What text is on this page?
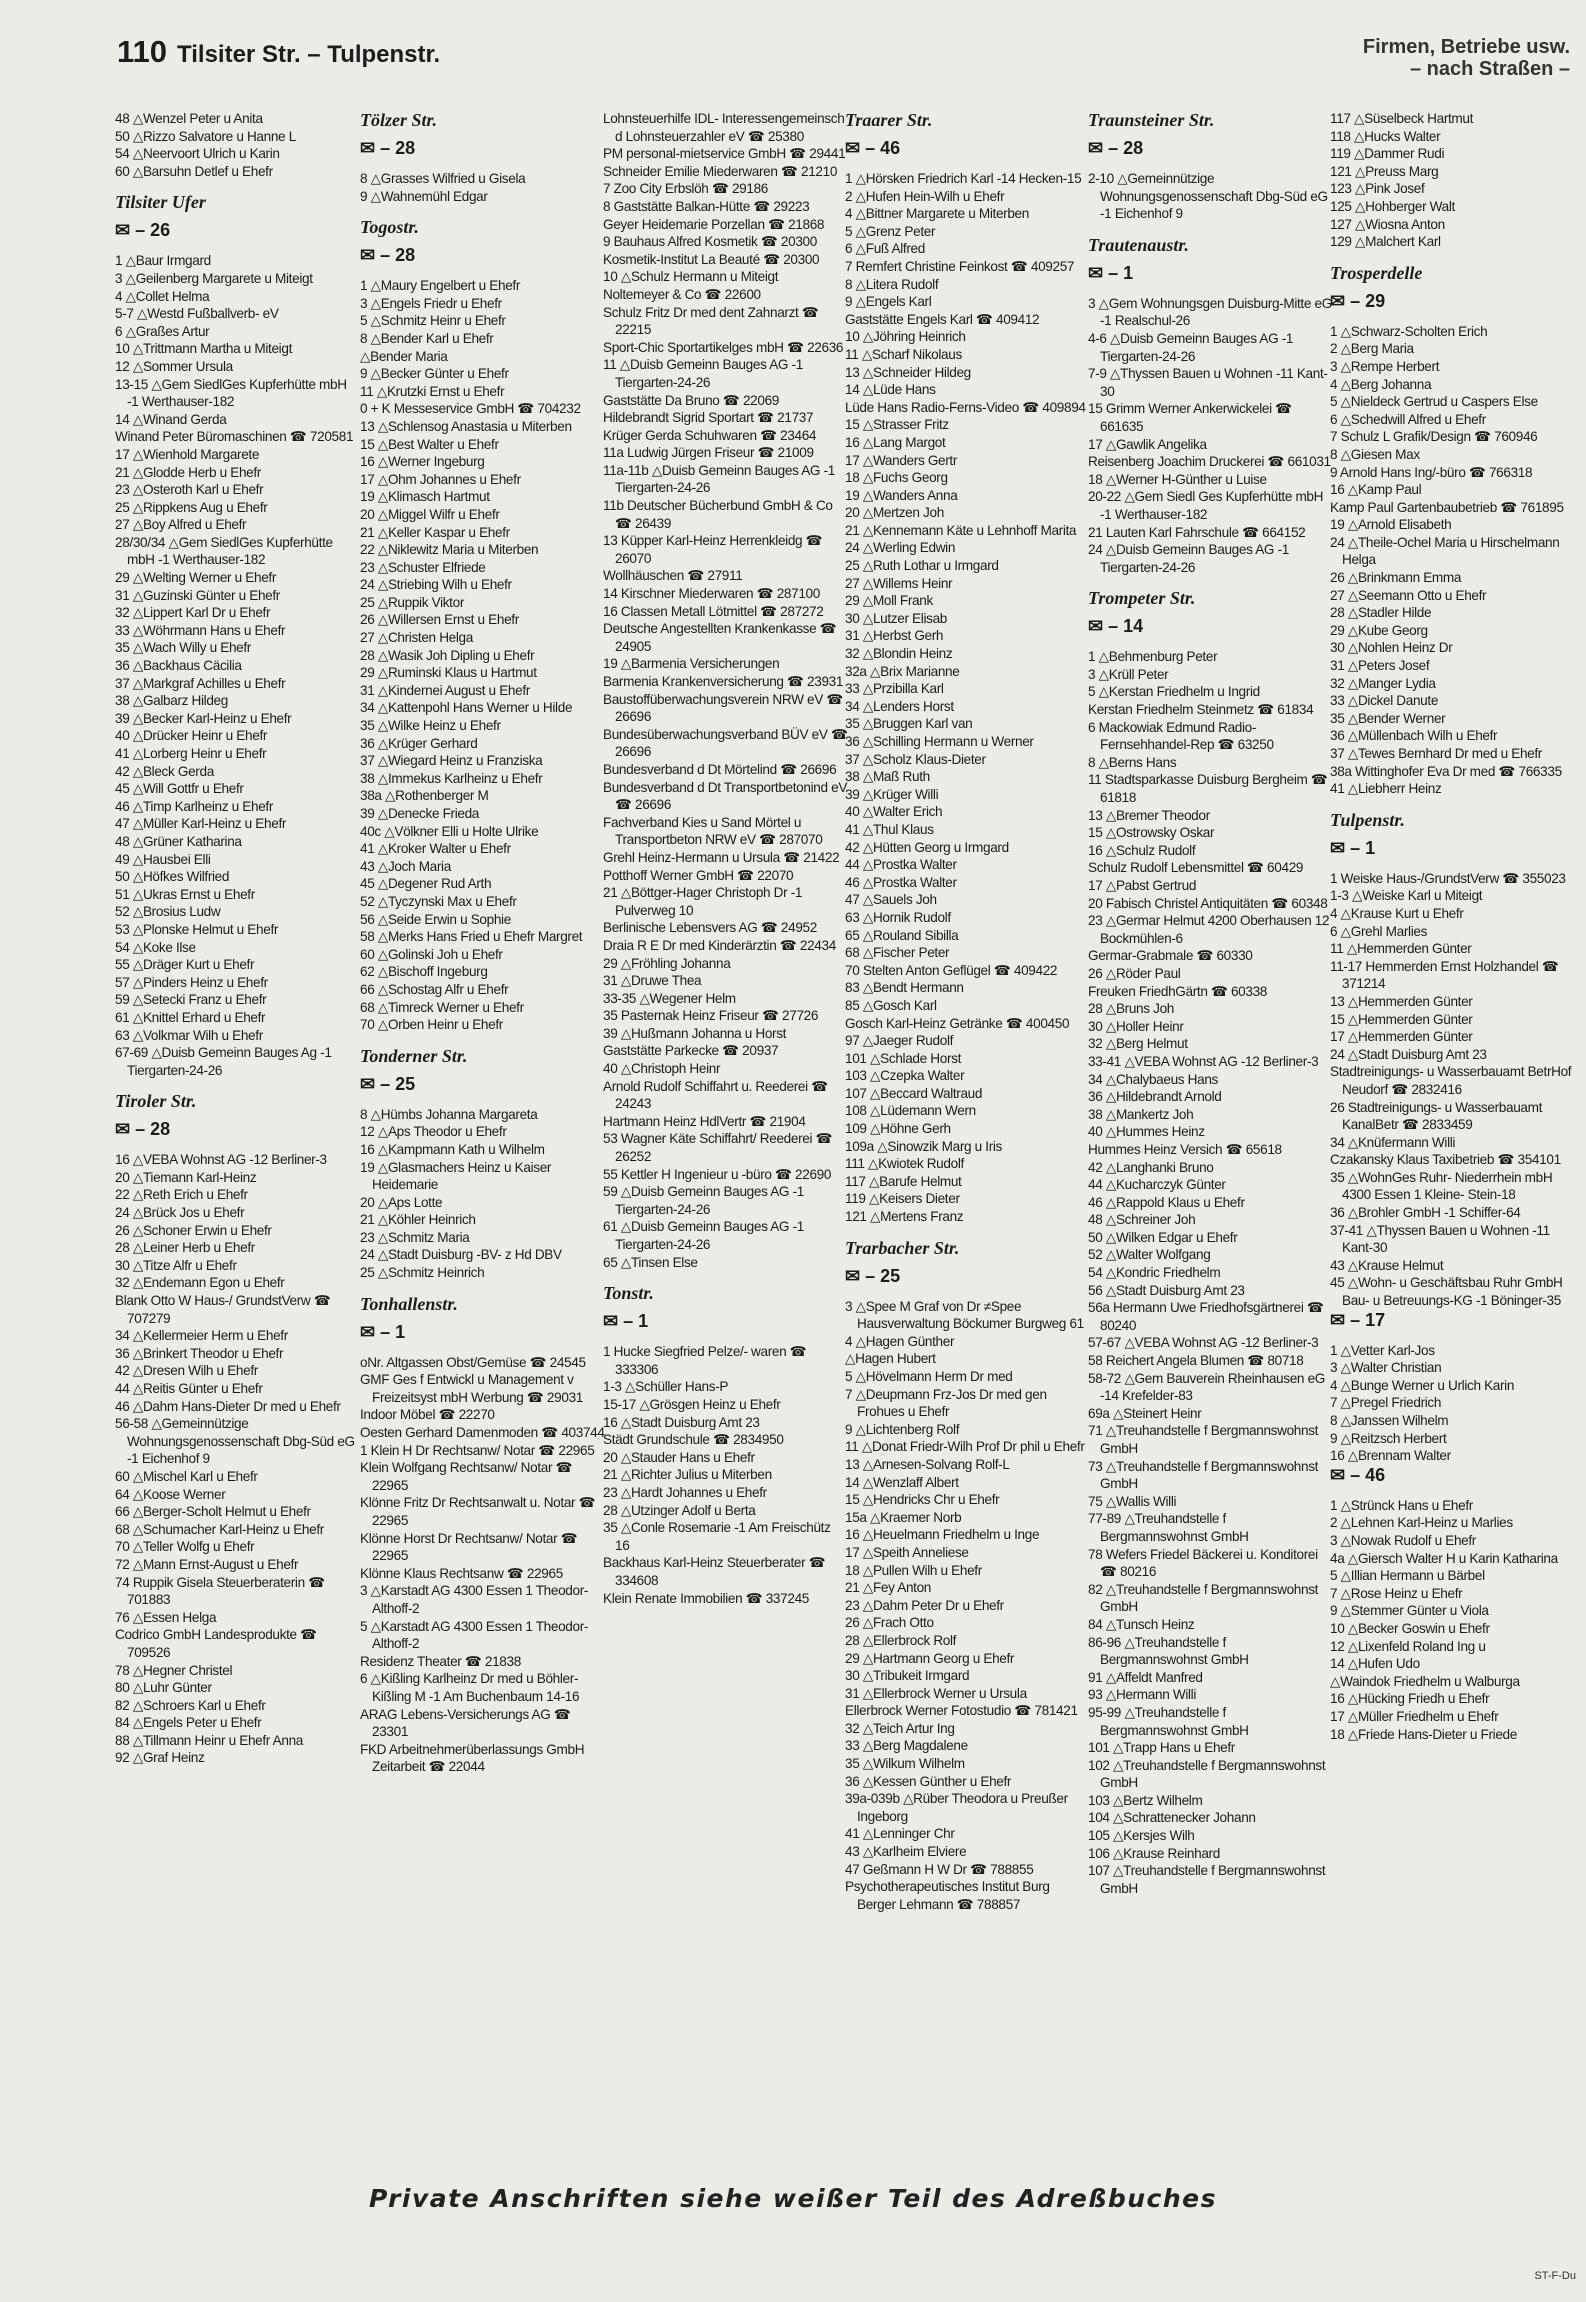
110 Tilsiter Str. – Tulpenstr.	Firmen, Betriebe usw.
– nach Straßen –
48 △Wenzel Peter u Anita
50 △Rizzo Salvatore u Hanne L
54 △Neervoort Ulrich u Karin
60 △Barsuhn Detlef u Ehefr
Tilsiter Ufer
✉ – 26
1 △Baur Irmgard
3 △Geilenberg Margarete u Miteigt
4 △Collet Helma
5-7 △Westd Fußballverb- eV
6 △Graßes Artur
10 △Trittmann Martha u Miteigt
12 △Sommer Ursula
13-15 △Gem SiedlGes Kupferhütte mbH -1 Werthauser-182
14 △Winand Gerda
Winand Peter Büromaschinen ☎ 720581
17 △Wienhold Margarete
21 △Glodde Herb u Ehefr
23 △Osteroth Karl u Ehefr
25 △Rippkens Aug u Ehefr
27 △Boy Alfred u Ehefr
28/30/34 △Gem SiedlGes Kupferhütte mbH -1 Werthauser-182
29 △Welting Werner u Ehefr
31 △Guzinski Günter u Ehefr
32 △Lippert Karl Dr u Ehefr
33 △Wöhrmann Hans u Ehefr
35 △Wach Willy u Ehefr
36 △Backhaus Cäcilia
37 △Markgraf Achilles u Ehefr
38 △Galbarz Hildeg
39 △Becker Karl-Heinz u Ehefr
40 △Drücker Heinr u Ehefr
41 △Lorberg Heinr u Ehefr
42 △Bleck Gerda
45 △Will Gottfr u Ehefr
46 △Timp Karlheinz u Ehefr
47 △Müller Karl-Heinz u Ehefr
48 △Grüner Katharina
49 △Hausbei Elli
50 △Höfkes Wilfried
51 △Ukras Ernst u Ehefr
52 △Brosius Ludw
53 △Plonske Helmut u Ehefr
54 △Koke Ilse
55 △Dräger Kurt u Ehefr
57 △Pinders Heinz u Ehefr
59 △Setecki Franz u Ehefr
61 △Knittel Erhard u Ehefr
63 △Volkmar Wilh u Ehefr
67-69 △Duisb Gemeinn Bauges Ag -1 Tiergarten-24-26
Tiroler Str.
✉ – 28
16 △VEBA Wohnst AG -12 Berliner-3
20 △Tiemann Karl-Heinz
22 △Reth Erich u Ehefr
24 △Brück Jos u Ehefr
26 △Schoner Erwin u Ehefr
28 △Leiner Herb u Ehefr
30 △Titze Alfr u Ehefr
32 △Endemann Egon u Ehefr
Blank Otto W Haus-/ GrundstVerw ☎ 707279
34 △Kellermeier Herm u Ehefr
36 △Brinkert Theodor u Ehefr
42 △Dresen Wilh u Ehefr
44 △Reitis Günter u Ehefr
46 △Dahm Hans-Dieter Dr med u Ehefr
56-58 △Gemeinnützige Wohnungsgenossenschaft Dbg-Süd eG -1 Eichenhof 9
60 △Mischel Karl u Ehefr
64 △Koose Werner
66 △Berger-Scholt Helmut u Ehefr
68 △Schumacher Karl-Heinz u Ehefr
70 △Teller Wolfg u Ehefr
72 △Mann Ernst-August u Ehefr
74 Ruppik Gisela Steuerberaterin ☎ 701883
76 △Essen Helga
Codrico GmbH Landesprodukte ☎ 709526
78 △Hegner Christel
80 △Luhr Günter
82 △Schroers Karl u Ehefr
84 △Engels Peter u Ehefr
88 △Tillmann Heinr u Ehefr Anna
92 △Graf Heinz
Tölzer Str.
✉ – 28
8 △Grasses Wilfried u Gisela
9 △Wahnemühl Edgar
Togostr.
✉ – 28
1 △Maury Engelbert u Ehefr
3 △Engels Friedr u Ehefr
5 △Schmitz Heinr u Ehefr
8 △Bender Karl u Ehefr
△Bender Maria
9 △Becker Günter u Ehefr
11 △Krutzki Ernst u Ehefr
0 + K Messeservice GmbH ☎ 704232
13 △Schlensog Anastasia u Miterben
15 △Best Walter u Ehefr
16 △Werner Ingeburg
17 △Ohm Johannes u Ehefr
19 △Klimasch Hartmut
20 △Miggel Wilfr u Ehefr
21 △Keller Kaspar u Ehefr
22 △Niklewitz Maria u Miterben
23 △Schuster Elfriede
24 △Striebing Wilh u Ehefr
25 △Ruppik Viktor
26 △Willersen Ernst u Ehefr
27 △Christen Helga
28 △Wasik Joh Dipling u Ehefr
29 △Ruminski Klaus u Hartmut
31 △Kindernei August u Ehefr
34 △Kattenpohl Hans Werner u Hilde
35 △Wilke Heinz u Ehefr
36 △Krüger Gerhard
37 △Wiegard Heinz u Franziska
38 △Immekus Karlheinz u Ehefr
38a △Rothenberger M
39 △Denecke Frieda
40c △Völkner Elli u Holte Ulrike
41 △Kroker Walter u Ehefr
43 △Joch Maria
45 △Degener Rud Arth
52 △Tyczynski Max u Ehefr
56 △Seide Erwin u Sophie
58 △Merks Hans Fried u Ehefr Margret
60 △Golinski Joh u Ehefr
62 △Bischoff Ingeburg
66 △Schostag Alfr u Ehefr
68 △Timreck Werner u Ehefr
70 △Orben Heinr u Ehefr
Tonderner Str.
✉ – 25
8 △Hümbs Johanna Margareta
12 △Aps Theodor u Ehefr
16 △Kampmann Kath u Wilhelm
19 △Glasmachers Heinz u Kaiser Heidemarie
20 △Aps Lotte
21 △Köhler Heinrich
23 △Schmitz Maria
24 △Stadt Duisburg -BV- z Hd DBV
25 △Schmitz Heinrich
Tonhallenstr.
✉ – 1
oNr. Altgassen Obst/Gemüse ☎ 24545
GMF Ges f Entwickl u Management v Freizeitsyst mbH Werbung ☎ 29031
Indoor Möbel ☎ 22270
Oesten Gerhard Damenmoden ☎ 403744
1 Klein H Dr Rechtsanw/ Notar ☎ 22965
Klein Wolfgang Rechtsanw/ Notar ☎ 22965
Klönne Fritz Dr Rechtsanwalt u. Notar ☎ 22965
Klönne Horst Dr Rechtsanw/ Notar ☎ 22965
Klönne Klaus Rechtsanw ☎ 22965
3 △Karstadt AG 4300 Essen 1 Theodor-Althoff-2
5 △Karstadt AG 4300 Essen 1 Theodor-Althoff-2
Residenz Theater ☎ 21838
6 △Kißling Karlheinz Dr med u Böhler-Kißling M -1 Am Buchenbaum 14-16
ARAG Lebens-Versicherungs AG ☎ 23301
FKD Arbeitnehmerüberlassungs GmbH Zeitarbeit ☎ 22044
Lohnsteuerhilfe IDL- Interessengemeinsch d Lohnsteuerzahler eV ☎ 25380
PM personal-mietservice GmbH ☎ 29441
Schneider Emilie Miederwaren ☎ 21210
7 Zoo City Erbslöh ☎ 29186
8 Gaststätte Balkan-Hütte ☎ 29223
Geyer Heidemarie Porzellan ☎ 21868
9 Bauhaus Alfred Kosmetik ☎ 20300
Kosmetik-Institut La Beauté ☎ 20300
10 △Schulz Hermann u Miteigt
Noltemeyer & Co ☎ 22600
Schulz Fritz Dr med dent Zahnarzt ☎ 22215
Sport-Chic Sportartikelges mbH ☎ 22636
11 △Duisb Gemeinn Bauges AG -1 Tiergarten-24-26
Gaststätte Da Bruno ☎ 22069
Hildebrandt Sigrid Sportart ☎ 21737
Krüger Gerda Schuhwaren ☎ 23464
11a Ludwig Jürgen Friseur ☎ 21009
11a-11b △Duisb Gemeinn Bauges AG -1 Tiergarten-24-26
11b Deutscher Bücherbund GmbH & Co ☎ 26439
13 Küpper Karl-Heinz Herrenkleidg ☎ 26070
Wollhäuschen ☎ 27911
14 Kirschner Miederwaren ☎ 287100
16 Classen Metall Lötmittel ☎ 287272
Deutsche Angestellten Krankenkasse ☎ 24905
19 △Barmenia Versicherungen
Barmenia Krankenversicherung ☎ 23931
Baustoffüberwachungsverein NRW eV ☎ 26696
Bundesüberwachungsverband BÜV eV ☎ 26696
Bundesverband d Dt Mörtelind ☎ 26696
Bundesverband d Dt Transportbetonind eV ☎ 26696
Fachverband Kies u Sand Mörtel u Transportbeton NRW eV ☎ 287070
Grehl Heinz-Hermann u Ursula ☎ 21422
Potthoff Werner GmbH ☎ 22070
21 △Böttger-Hager Christoph Dr -1 Pulverweg 10
Berlinische Lebensvers AG ☎ 24952
Draia R E Dr med Kinderärztin ☎ 22434
29 △Fröhling Johanna
31 △Druwe Thea
33-35 △Wegener Helm
35 Pasternak Heinz Friseur ☎ 27726
39 △Hußmann Johanna u Horst
Gaststätte Parkecke ☎ 20937
40 △Christoph Heinr
Arnold Rudolf Schiffahrt u. Reederei ☎ 24243
Hartmann Heinz HdlVertr ☎ 21904
53 Wagner Käte Schiffahrt/ Reederei ☎ 26252
55 Kettler H Ingenieur u -büro ☎ 22690
59 △Duisb Gemeinn Bauges AG -1 Tiergarten-24-26
61 △Duisb Gemeinn Bauges AG -1 Tiergarten-24-26
65 △Tinsen Else
Tonstr.
✉ – 1
1 Hucke Siegfried Pelze/- waren ☎ 333306
1-3 △Schüller Hans-P
15-17 △Grösgen Heinz u Ehefr
16 △Stadt Duisburg Amt 23
Städt Grundschule ☎ 2834950
20 △Stauder Hans u Ehefr
21 △Richter Julius u Miterben
23 △Hardt Johannes u Ehefr
28 △Utzinger Adolf u Berta
35 △Conle Rosemarie -1 Am Freischütz 16
Backhaus Karl-Heinz Steuerberater ☎ 334608
Klein Renate Immobilien ☎ 337245
Traarer Str.
✉ – 46
1 △Hörsken Friedrich Karl -14 Hecken-15
2 △Hufen Hein-Wilh u Ehefr
4 △Bittner Margarete u Miterben
5 △Grenz Peter
6 △Fuß Alfred
7 Remfert Christine Feinkost ☎ 409257
8 △Litera Rudolf
9 △Engels Karl
Gaststätte Engels Karl ☎ 409412
10 △Jöhring Heinrich
11 △Scharf Nikolaus
13 △Schneider Hildeg
14 △Lüde Hans
Lüde Hans Radio-Ferns-Video ☎ 409894
15 △Strasser Fritz
16 △Lang Margot
17 △Wanders Gertr
18 △Fuchs Georg
19 △Wanders Anna
20 △Mertzen Joh
21 △Kennemann Käte u Lehnhoff Marita
24 △Werling Edwin
25 △Ruth Lothar u Irmgard
27 △Willems Heinr
29 △Moll Frank
30 △Lutzer Elisab
31 △Herbst Gerh
32 △Blondin Heinz
32a △Brix Marianne
33 △Przibilla Karl
34 △Lenders Horst
35 △Bruggen Karl van
36 △Schilling Hermann u Werner
37 △Scholz Klaus-Dieter
38 △Maß Ruth
39 △Krüger Willi
40 △Walter Erich
41 △Thul Klaus
42 △Hütten Georg u Irmgard
44 △Prostka Walter
46 △Prostka Walter
47 △Sauels Joh
63 △Hornik Rudolf
65 △Rouland Sibilla
68 △Fischer Peter
70 Stelten Anton Geflügel ☎ 409422
83 △Bendt Hermann
85 △Gosch Karl
Gosch Karl-Heinz Getränke ☎ 400450
97 △Jaeger Rudolf
101 △Schlade Horst
103 △Czepka Walter
107 △Beccard Waltraud
108 △Lüdemann Wern
109 △Höhne Gerh
109a △Sinowzik Marg u Iris
111 △Kwiotek Rudolf
117 △Barufe Helmut
119 △Keisers Dieter
121 △Mertens Franz
Trarbacher Str.
✉ – 25
3 △Spee M Graf von Dr ≠Spee Hausverwaltung Böckumer Burgweg 61
4 △Hagen Günther
△Hagen Hubert
5 △Hövelmann Herm Dr med
7 △Deupmann Frz-Jos Dr med gen Frohues u Ehefr
9 △Lichtenberg Rolf
11 △Donat Friedr-Wilh Prof Dr phil u Ehefr
13 △Arnesen-Solvang Rolf-L
14 △Wenzlaff Albert
15 △Hendricks Chr u Ehefr
15a △Kraemer Norb
16 △Heuelmann Friedhelm u Inge
17 △Speith Anneliese
18 △Pullen Wilh u Ehefr
21 △Fey Anton
23 △Dahm Peter Dr u Ehefr
26 △Frach Otto
28 △Ellerbrock Rolf
29 △Hartmann Georg u Ehefr
30 △Tribukeit Irmgard
31 △Ellerbrock Werner u Ursula
Ellerbrock Werner Fotostudio ☎ 781421
32 △Teich Artur Ing
33 △Berg Magdalene
35 △Wilkum Wilhelm
36 △Kessen Günther u Ehefr
39a-039b △Rüber Theodora u Preußer Ingeborg
41 △Lenninger Chr
43 △Karlheim Elviere
47 Geßmann H W Dr ☎ 788855
Psychotherapeutisches Institut Burg Berger Lehmann ☎ 788857
Traunsteiner Str.
✉ – 28
2-10 △Gemeinnützige Wohnungsgenossenschaft Dbg-Süd eG -1 Eichenhof 9
Trautenaustr.
✉ – 1
3 △Gem Wohnungsgen Duisburg-Mitte eG -1 Realschul-26
4-6 △Duisb Gemeinn Bauges AG -1 Tiergarten-24-26
7-9 △Thyssen Bauen u Wohnen -11 Kant-30
15 Grimm Werner Ankerwickelei ☎ 661635
17 △Gawlik Angelika
Reisenberg Joachim Druckerei ☎ 661031
18 △Werner H-Günther u Luise
20-22 △Gem Siedl Ges Kupferhütte mbH -1 Werthauser-182
21 Lauten Karl Fahrschule ☎ 664152
24 △Duisb Gemeinn Bauges AG -1 Tiergarten-24-26
Trompeter Str.
✉ – 14
1 △Behmenburg Peter
3 △Krüll Peter
5 △Kerstan Friedhelm u Ingrid
Kerstan Friedhelm Steinmetz ☎ 61834
6 Mackowiak Edmund Radio- Fernsehhandel-Rep ☎ 63250
8 △Berns Hans
11 Stadtsparkasse Duisburg Bergheim ☎ 61818
13 △Bremer Theodor
15 △Ostrowsky Oskar
16 △Schulz Rudolf
Schulz Rudolf Lebensmittel ☎ 60429
17 △Pabst Gertrud
20 Fabisch Christel Antiquitäten ☎ 60348
23 △Germar Helmut 4200 Oberhausen 12 Bockmühlen-6
Germar-Grabmale ☎ 60330
26 △Röder Paul
Freuken FriedhGärtn ☎ 60338
28 △Bruns Joh
30 △Holler Heinr
32 △Berg Helmut
33-41 △VEBA Wohnst AG -12 Berliner-3
34 △Chalybaeus Hans
36 △Hildebrandt Arnold
38 △Mankertz Joh
40 △Hummes Heinz
Hummes Heinz Versich ☎ 65618
42 △Langhanki Bruno
44 △Kucharczyk Günter
46 △Rappold Klaus u Ehefr
48 △Schreiner Joh
50 △Wilken Edgar u Ehefr
52 △Walter Wolfgang
54 △Kondric Friedhelm
56 △Stadt Duisburg Amt 23
56a Hermann Uwe Friedhofsgärtnerei ☎ 80240
57-67 △VEBA Wohnst AG -12 Berliner-3
58 Reichert Angela Blumen ☎ 80718
58-72 △Gem Bauverein Rheinhausen eG -14 Krefelder-83
69a △Steinert Heinr
71 △Treuhandstelle f Bergmannswohnst GmbH
73 △Treuhandstelle f Bergmannswohnst GmbH
75 △Wallis Willi
77-89 △Treuhandstelle f Bergmannswohnst GmbH
78 Wefers Friedel Bäckerei u. Konditorei ☎ 80216
82 △Treuhandstelle f Bergmannswohnst GmbH
84 △Tunsch Heinz
86-96 △Treuhandstelle f Bergmannswohnst GmbH
91 △Affeldt Manfred
93 △Hermann Willi
95-99 △Treuhandstelle f Bergmannswohnst GmbH
101 △Trapp Hans u Ehefr
102 △Treuhandstelle f Bergmannswohnst GmbH
103 △Bertz Wilhelm
104 △Schrattenecker Johann
105 △Kersjes Wilh
106 △Krause Reinhard
107 △Treuhandstelle f Bergmannswohnst GmbH
117 △Süselbeck Hartmut
118 △Hucks Walter
119 △Dammer Rudi
121 △Preuss Marg
123 △Pink Josef
125 △Hohberger Walt
127 △Wiosna Anton
129 △Malchert Karl
Trosperdelle
✉ – 29
1 △Schwarz-Scholten Erich
2 △Berg Maria
3 △Rempe Herbert
4 △Berg Johanna
5 △Nieldeck Gertrud u Caspers Else
6 △Schedwill Alfred u Ehefr
7 Schulz L Grafik/Design ☎ 760946
8 △Giesen Max
9 Arnold Hans Ing/-büro ☎ 766318
16 △Kamp Paul
Kamp Paul Gartenbaubetrieb ☎ 761895
19 △Arnold Elisabeth
24 △Theile-Ochel Maria u Hirschelmann Helga
26 △Brinkmann Emma
27 △Seemann Otto u Ehefr
28 △Stadler Hilde
29 △Kube Georg
30 △Nohlen Heinz Dr
31 △Peters Josef
32 △Manger Lydia
33 △Dickel Danute
35 △Bender Werner
36 △Müllenbach Wilh u Ehefr
37 △Tewes Bernhard Dr med u Ehefr
38a Wittinghofer Eva Dr med ☎ 766335
41 △Liebherr Heinz
Tulpenstr.
✉ – 1
1 Weiske Haus-/GrundstVerw ☎ 355023
1-3 △Weiske Karl u Miteigt
4 △Krause Kurt u Ehefr
6 △Grehl Marlies
11 △Hemmerden Günter
11-17 Hemmerden Ernst Holzhandel ☎ 371214
13 △Hemmerden Günter
15 △Hemmerden Günter
17 △Hemmerden Günter
24 △Stadt Duisburg Amt 23
Stadtreinigungs- u Wasserbauamt BetrHof Neudorf ☎ 2832416
26 Stadtreinigungs- u Wasserbauamt KanalBetr ☎ 2833459
34 △Knüfermann Willi
Czakansky Klaus Taxibetrieb ☎ 354101
35 △WohnGes Ruhr- Niederrhein mbH 4300 Essen 1 Kleine- Stein-18
36 △Brohler GmbH -1 Schiffer-64
37-41 △Thyssen Bauen u Wohnen -11 Kant-30
43 △Krause Helmut
45 △Wohn- u Geschäftsbau Ruhr GmbH Bau- u Betreuungs-KG -1 Böninger-35
✉ – 17
1 △Vetter Karl-Jos
3 △Walter Christian
4 △Bunge Werner u Urlich Karin
7 △Pregel Friedrich
8 △Janssen Wilhelm
9 △Reitzsch Herbert
16 △Brennam Walter
✉ – 46
1 △Strünck Hans u Ehefr
2 △Lehnen Karl-Heinz u Marlies
3 △Nowak Rudolf u Ehefr
4a △Giersch Walter H u Karin Katharina
5 △Illian Hermann u Bärbel
7 △Rose Heinz u Ehefr
9 △Stemmer Günter u Viola
10 △Becker Goswin u Ehefr
12 △Lixenfeld Roland Ing u
14 △Hufen Udo
△Waindok Friedhelm u Walburga
16 △Hücking Friedh u Ehefr
17 △Müller Friedhelm u Ehefr
18 △Friede Hans-Dieter u Friede
Private Anschriften siehe weißer Teil des Adreßbuches
ST-F-Du
